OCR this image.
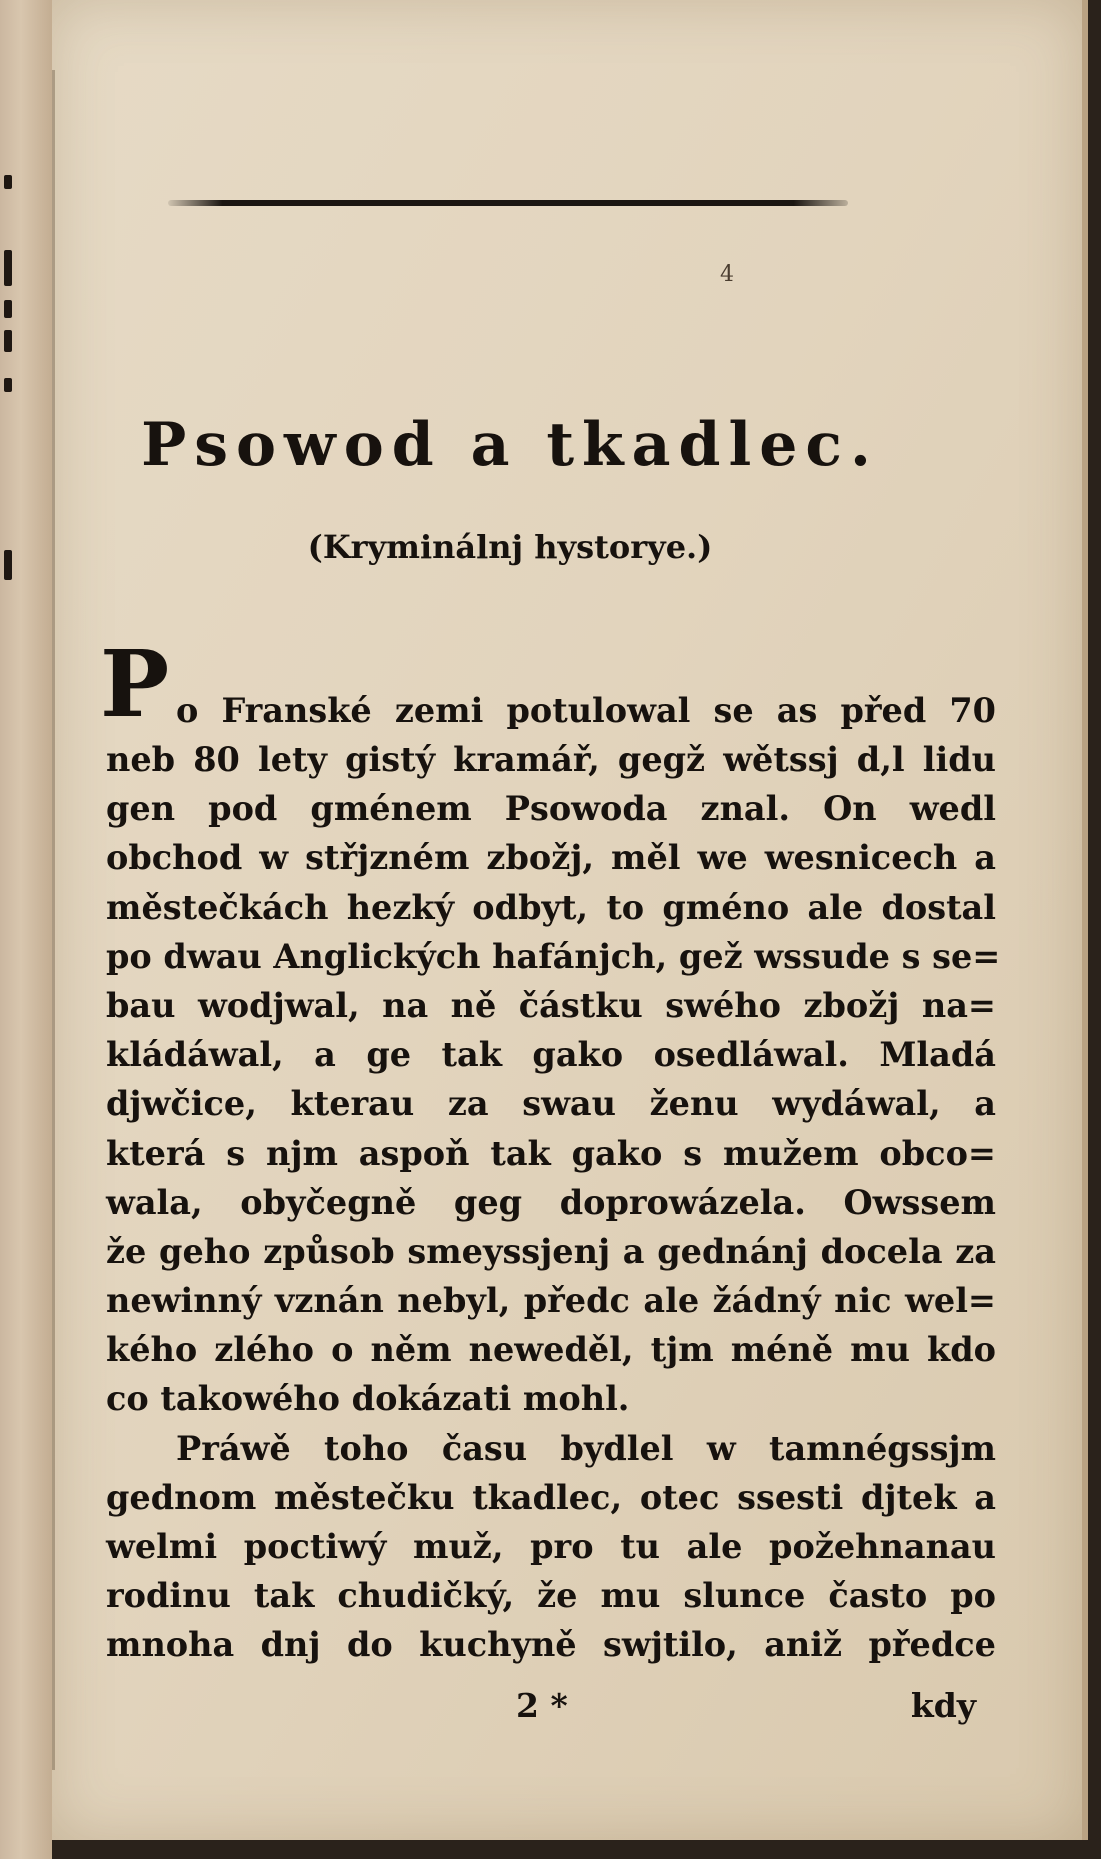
4
Psowod a tkadlec.
(Kryminálnj hystorye.)
P o Franské zemi potulowal se as před 70
neb 80 lety gistý kramář, gegž wětssj d,l lidu
gen pod gménem Psowoda znal. On wedl
obchod w střjzném zbožj, měl we wesnicech a
městečkách hezký odbyt, to gméno ale dostal
po dwau Anglických hafánjch, gež wssude s se=
bau wodjwal, na ně částku swého zbožj na=
kládáwal, a ge tak gako osedláwal. Mladá
djwčice, kterau za swau ženu wydáwal, a
která s njm aspoň tak gako s mužem obco=
wala, obyčegně geg doprowázela. Owssem
že geho způsob smeyssjenj a gednánj docela za
newinný vznán nebyl, předc ale žádný nic wel=
kého zlého o něm neweděl, tjm méně mu kdo
co takowého dokázati mohl.
Práwě toho času bydlel w tamnégssjm
gednom městečku tkadlec, otec ssesti djtek a
welmi poctiwý muž, pro tu ale požehnanau
rodinu tak chudičký, že mu slunce často po
mnoha dnj do kuchyně swjtilo, aniž předce
2 *	kdy
